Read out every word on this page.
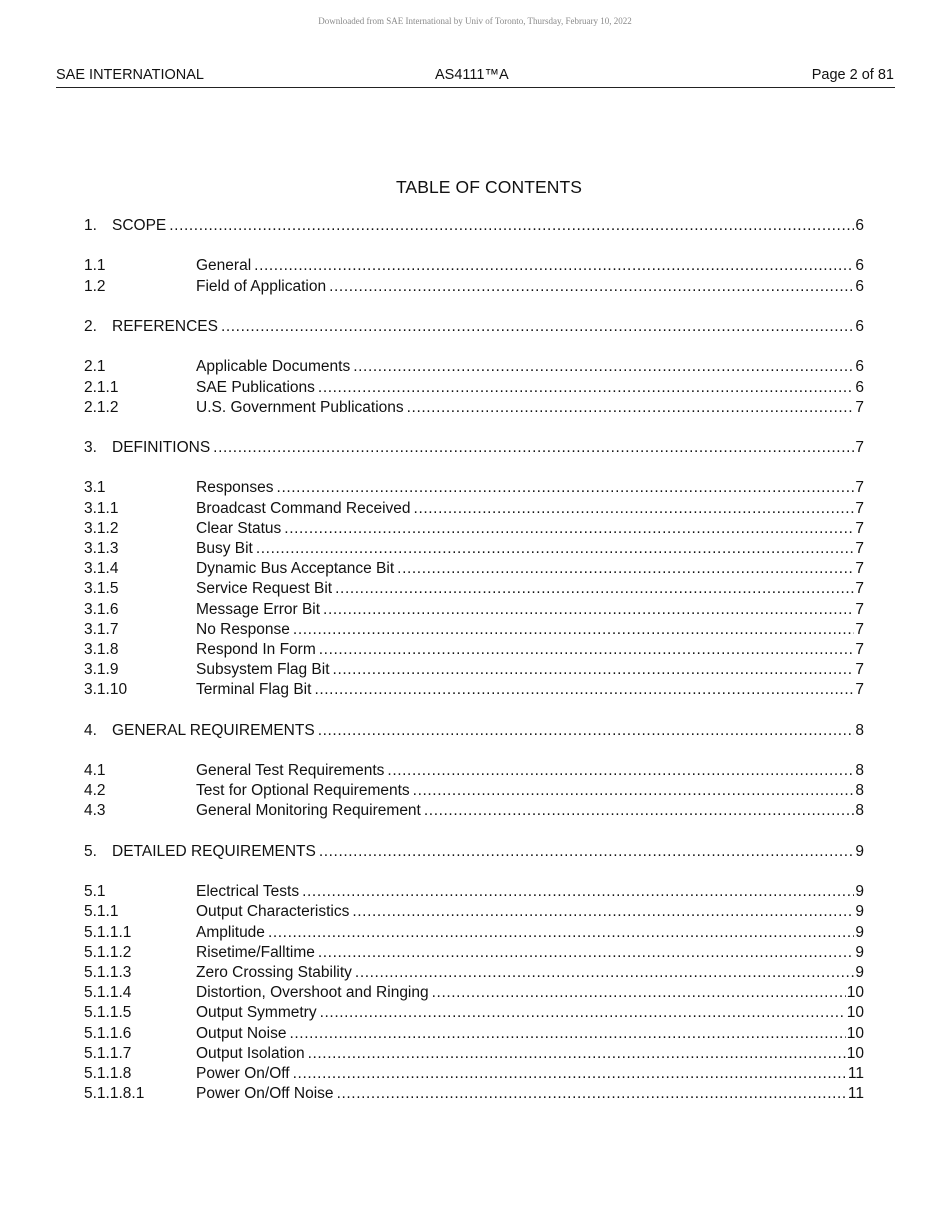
Downloaded from SAE International by Univ of Toronto, Thursday, February 10, 2022
SAE INTERNATIONAL	AS4111™A	Page 2 of 81
TABLE OF CONTENTS
1. SCOPE .....	6
1.1	General .....	6
1.2	Field of Application .....	6
2. REFERENCES .....	6
2.1	Applicable Documents .....	6
2.1.1	SAE Publications .....	6
2.1.2	U.S. Government Publications .....	7
3. DEFINITIONS .....	7
3.1	Responses .....	7
3.1.1	Broadcast Command Received .....	7
3.1.2	Clear Status .....	7
3.1.3	Busy Bit .....	7
3.1.4	Dynamic Bus Acceptance Bit .....	7
3.1.5	Service Request Bit .....	7
3.1.6	Message Error Bit .....	7
3.1.7	No Response .....	7
3.1.8	Respond In Form .....	7
3.1.9	Subsystem Flag Bit .....	7
3.1.10	Terminal Flag Bit .....	7
4. GENERAL REQUIREMENTS .....	8
4.1	General Test Requirements .....	8
4.2	Test for Optional Requirements .....	8
4.3	General Monitoring Requirement .....	8
5. DETAILED REQUIREMENTS .....	9
5.1	Electrical Tests .....	9
5.1.1	Output Characteristics .....	9
5.1.1.1	Amplitude .....	9
5.1.1.2	Risetime/Falltime .....	9
5.1.1.3	Zero Crossing Stability .....	9
5.1.1.4	Distortion, Overshoot and Ringing .....	10
5.1.1.5	Output Symmetry .....	10
5.1.1.6	Output Noise .....	10
5.1.1.7	Output Isolation .....	10
5.1.1.8	Power On/Off .....	11
5.1.1.8.1	Power On/Off Noise .....	11
